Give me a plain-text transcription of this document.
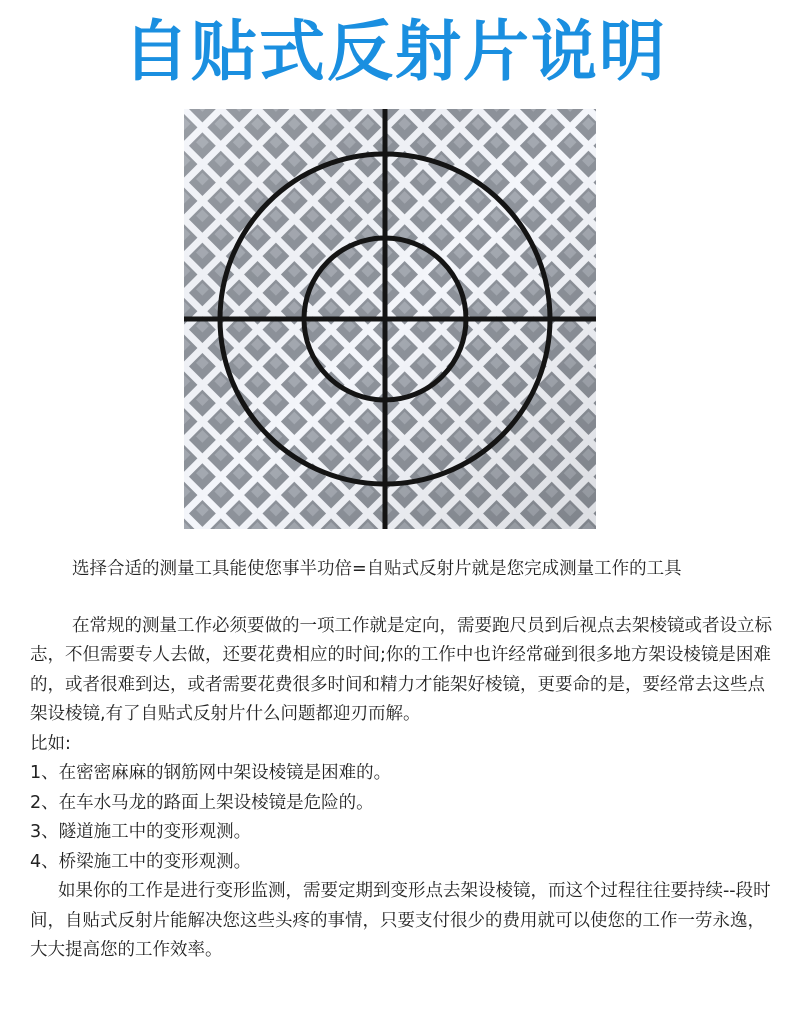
自贴式反射片说明

选择合适的测量工具能使您事半功倍=自贴式反射片就是您完成测量工作的工具

在常规的测量工作必须要做的一项工作就是定向，需要跑尺员到后视点去架棱镜或者设立标志，不但需要专人去做，还要花费相应的时间;你的工作中也许经常碰到很多地方架设棱镜是困难的，或者很难到达，或者需要花费很多时间和精力才能架好棱镜，更要命的是，要经常去这些点架设棱镜,有了自贴式反射片什么问题都迎刃而解。

比如:

1、在密密麻麻的钢筋网中架设棱镜是困难的。

2、在车水马龙的路面上架设棱镜是危险的。

3、隧道施工中的变形观测。

4、桥梁施工中的变形观测。

如果你的工作是进行变形监测，需要定期到变形点去架设棱镜，而这个过程往往要持续--段时间，自贴式反射片能解决您这些头疼的事情，只要支付很少的费用就可以使您的工作一劳永逸，大大提高您的工作效率。
